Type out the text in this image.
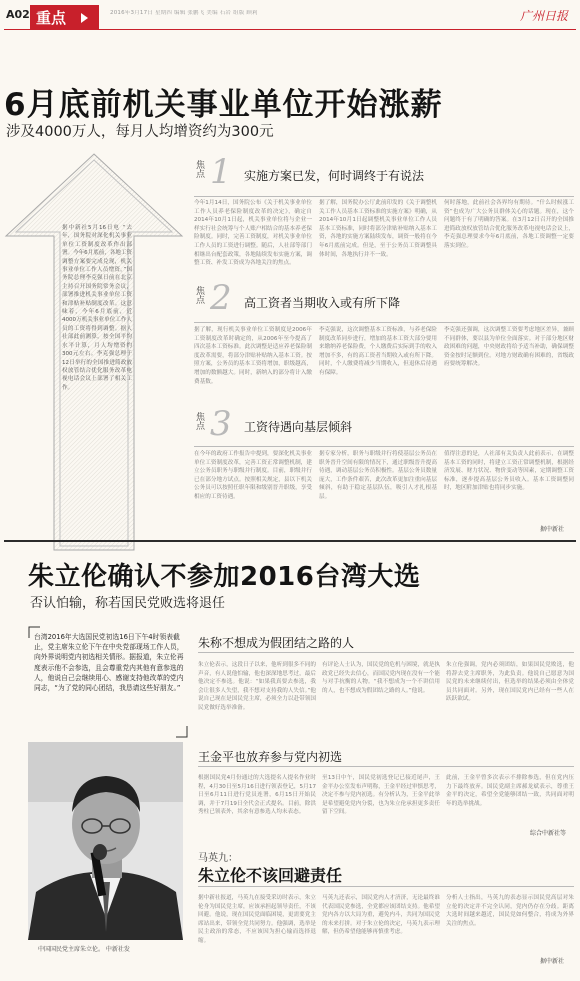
A02 重点	2016年3月17日 星期四 编辑 张鹏飞 美编 石岩 组版 顾莉	广州日报
6月底前机关事业单位开始涨薪
涉及4000万人，每月人均增资约为300元
据中新社5月16日电 “去年，国务院对深化机关事业单位工资制度改革作出部署。今年6月底前，各地工资调整方案要完成兑现，机关事业单位工作人员增资。”国务院总理李克强日前在北京主持召开国务院常务会议，部署推进机关事业单位工资和津贴补贴制度改革。这意味着，今年6月底前，近4000万机关事业单位工作人员的工资将得到调整。据人社部此前测算，按全国平均水平计算，月人均增资约300元左右。李克强总理于12日举行的全国推进简政放权放管结合优化服务改革电视电话会议上部署了相关工作。
焦点 1 实施方案已发，何时调终于有说法
今年1月14日，国务院公布《关于机关事业单位工作人员养老保险制度改革的决定》，确定自2014年10月1日起，机关事业单位将与企业一样实行社会统筹与个人账户相结合的基本养老保险制度。同时，完善工资制度，对机关事业单位工作人员的工资进行调整。随后，人社部等部门相继出台配套政策，各地陆续发布实施方案，调整工资、补发工资成为各地关注的焦点。
据了解，国务院办公厅此前印发的《关于调整机关工作人员基本工资标准的实施方案》明确，从2014年10月1日起调整机关事业单位工作人员基本工资标准，同时将部分津贴补贴纳入基本工资，各地的实施方案陆续发布，调资一般将在今年6月底前完成。但是，至于公务员工资调整具体时间，各地执行并不一致。
何时落地，此前社会各界均有期待。“什么时候涨工资”也成为广大公务员群体关心的话题。现在，这个问题终于有了明确的答案。在3月12日召开的全国推进简政放权放管结合优化服务改革电视电话会议上，李克强总理要求今年6月底前，各地工资调整一定要落实到位。
焦点 2 高工资者当期收入或有所下降
据了解，现行机关事业单位工资制度是2006年工资制度改革时确定的，从2006年至今提高了四次基本工资标准。此次调整是适应养老保险制度改革需要，将部分津贴补贴纳入基本工资。按照方案，公务员的基本工资将增加，职级越高，增加的数额越大。同时，新纳入的部分将计入缴费基数。
李克强说，这次调整基本工资标准，与养老保险制度改革同步进行，增加的基本工资大部分要用来缴纳养老保险费，个人缴费后实际到手的收入增加不多，有的高工资者当期收入或有所下降。同时，个人缴费将减少当期收入，但退休后待遇有保障。
李克强还强调，这次调整工资要考虑地区差异，兼顾不同群体，要以县为单位全面落实。对于部分地区财政困难的问题，中央财政将给予适当补助，确保调整资金按时足额到位。对地方财政确有困难的，省级政府要统筹解决。
焦点 3 工资待遇向基层倾斜
在今年的政府工作报告中提到，要深化机关事业单位工资制度改革，完善工资正常调整机制，建立公务员职务与职级并行制度。目前，职级并行已在部分地方试点。按照相关规定，县以下机关公务员可以按照任职年限和级别晋升职级，享受相应的工资待遇。
据专家分析，职务与职级并行将使基层公务员在职务晋升空间有限的情况下，通过职级晋升提高待遇，调动基层公务员积极性。基层公务员数量庞大，工作条件艰苦，此次改革更加注重向基层倾斜，有助于稳定基层队伍，吸引人才扎根基层。
值得注意的是，人社部有关负责人此前表示，在调整基本工资的同时，将建立工资正常调整机制，根据经济发展、财力状况、物价变动等因素，定期调整工资标准，逐步提高基层公务员收入。基本工资调整同时，地区附加津贴也将同步实施。
据中新社
朱立伦确认不参加2016台湾大选
否认怕输，称若国民党败选将退任
台湾2016年大选国民党初选16日下午4时领表截止，党主席朱立伦下午在中央党部现场工作人员，向外界说明党内初选相关情形。据报道，朱立伦再度表示他不会参选，且会尊重党内其他有意参选的人，他说自己会继续用心、感谢支持他改革的党内同志，“为了党的同心团结，我恳请这些好朋友。”
中国国民党主席朱立伦。 中新社发
朱称不想成为假团结之路的人
朱立伦表示，这段日子以来，他听到很多不同的声音，有人说他怕输，他也深深地思考过，最后他决定不参选。他说：“如果我真要去参选，我会让很多人失望，我不想对支持我的人失信。”他说自己现在是国民党主席，必须全力以赴带领国民党做好选举准备。
有评论人士认为，国民党的危机与困境，就是执政党已经失去信心，而国民党内现在没有一个能与对手抗衡的人物。“我不想成为一个不讲信用的人，也不想成为假团结之路的人。”他说。
朱立伦强调，党内必须团结，如果国民党败选，他将辞去党主席职务，为此负责。他说自己愿意为国民党的未来继续付出，但选举的结果必须由全体党员共同面对。另外，现在国民党内已经有一些人在跃跃欲试。
王金平也放弃参与党内初选
根据国民党4月份通过的大选提名人提名作业时程，4月30日至5月16日进行领表登记，5月17日至6月11日进行党员连署，6月15日开始民调，并于7月19日全代会正式提名。目前，除洪秀柱已领表外，其余有意参选人均未表态。
至13日中午，国民党初选登记已接近尾声，王金平办公室发布声明称，王金平经过审慎思考，决定不参与党内初选。有分析认为，王金平此举是希望避免党内分裂，也为朱立伦承担更多责任留下空间。
此前，王金平曾多次表示不排除参选，但在党内压力下最终放弃。国民党副主席郝龙斌表示，尊重王金平的决定，希望全党能够团结一致，共同面对明年的选举挑战。
综合中新社等
马英九：
朱立伦不该回避责任
据中新社报道，马英九在接受采访时表示，朱立伦身为国民党主席，应该承担起领导责任，不该回避。他说，现在国民党面临困境，更需要党主席站出来，带领全党共同努力。他强调，选举是民主政治的常态，不应该因为担心输而选择退缩。
马英九还表示，国民党内人才济济，无论最终谁代表国民党参选，全党都应该团结支持。他希望党内各方以大局为重，避免内斗，共同为国民党的未来打拼。对于朱立伦的决定，马英九表示理解，但仍希望他能够再慎重考虑。
分析人士指出，马英九的表态显示国民党高层对朱立伦的决定并不完全认同，党内仍存在分歧。距离大选时间越来越近，国民党如何整合，将成为外界关注的焦点。
据中新社
